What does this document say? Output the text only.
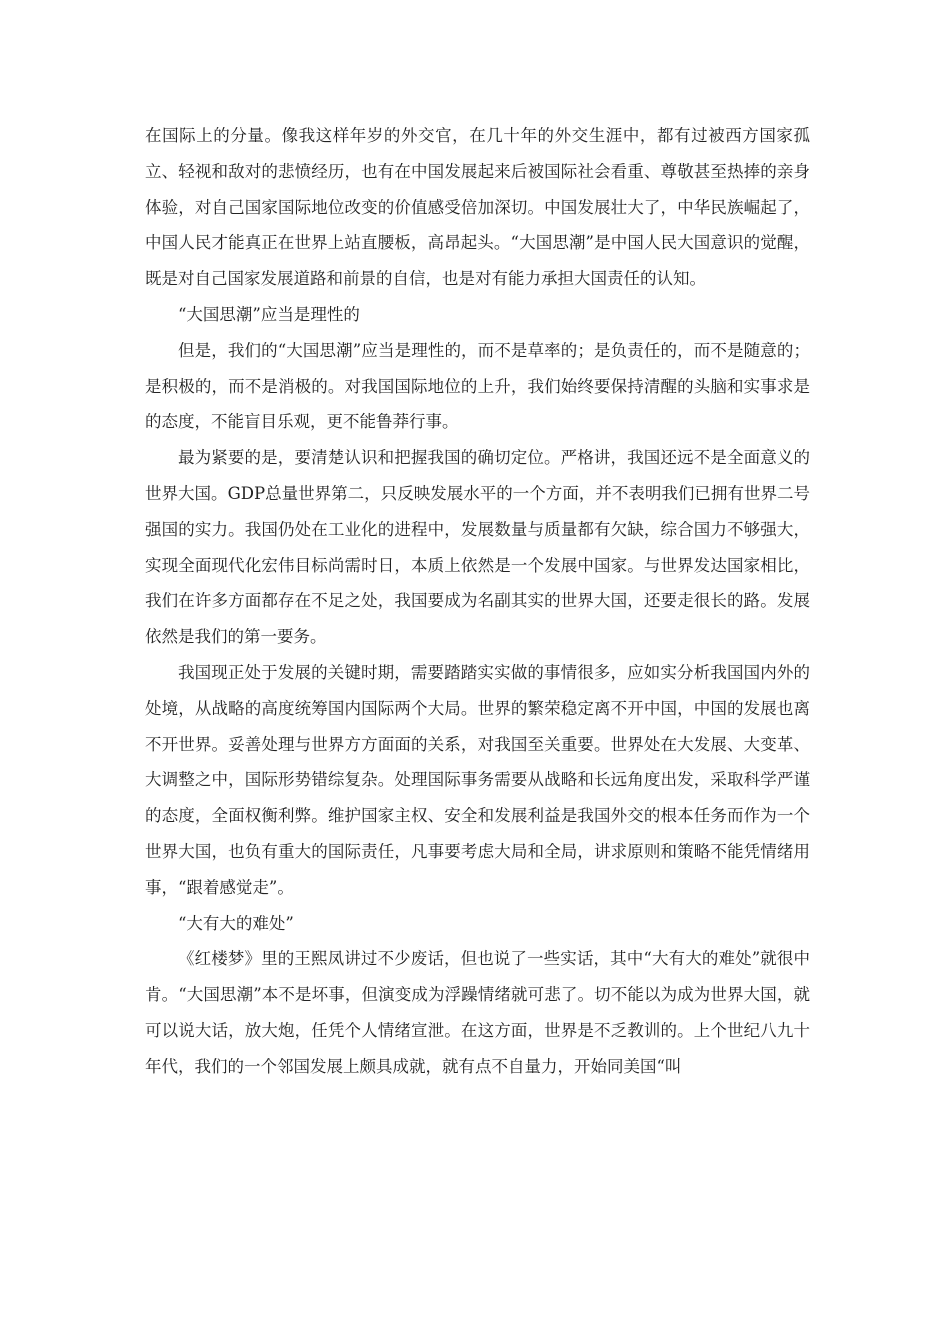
在国际上的分量。像我这样年岁的外交官，在几十年的外交生涯中，都有过被西方国家孤立、轻视和敌对的悲愤经历，也有在中国发展起来后被国际社会看重、尊敬甚至热捧的亲身体验，对自己国家国际地位改变的价值感受倍加深切。中国发展壮大了，中华民族崛起了，中国人民才能真正在世界上站直腰板，高昂起头。“大国思潮”是中国人民大国意识的觉醒，既是对自己国家发展道路和前景的自信，也是对有能力承担大国责任的认知。

“大国思潮”应当是理性的

但是，我们的“大国思潮”应当是理性的，而不是草率的；是负责任的，而不是随意的；是积极的，而不是消极的。对我国国际地位的上升，我们始终要保持清醒的头脑和实事求是的态度，不能盲目乐观，更不能鲁莽行事。

最为紧要的是，要清楚认识和把握我国的确切定位。严格讲，我国还远不是全面意义的世界大国。GDP总量世界第二，只反映发展水平的一个方面，并不表明我们已拥有世界二号强国的实力。我国仍处在工业化的进程中，发展数量与质量都有欠缺，综合国力不够强大，实现全面现代化宏伟目标尚需时日，本质上依然是一个发展中国家。与世界发达国家相比，我们在许多方面都存在不足之处，我国要成为名副其实的世界大国，还要走很长的路。发展依然是我们的第一要务。

我国现正处于发展的关键时期，需要踏踏实实做的事情很多，应如实分析我国国内外的处境，从战略的高度统筹国内国际两个大局。世界的繁荣稳定离不开中国，中国的发展也离不开世界。妥善处理与世界方方面面的关系，对我国至关重要。世界处在大发展、大变革、大调整之中，国际形势错综复杂。处理国际事务需要从战略和长远角度出发，采取科学严谨的态度，全面权衡利弊。维护国家主权、安全和发展利益是我国外交的根本任务而作为一个世界大国，也负有重大的国际责任，凡事要考虑大局和全局，讲求原则和策略不能凭情绪用事，“跟着感觉走”。

“大有大的难处”

《红楼梦》里的王熙凤讲过不少废话，但也说了一些实话，其中“大有大的难处”就很中肯。“大国思潮”本不是坏事，但演变成为浮躁情绪就可悲了。切不能以为成为世界大国，就可以说大话，放大炮，任凭个人情绪宣泄。在这方面，世界是不乏教训的。上个世纪八九十年代，我们的一个邻国发展上颇具成就，就有点不自量力，开始同美国“叫
